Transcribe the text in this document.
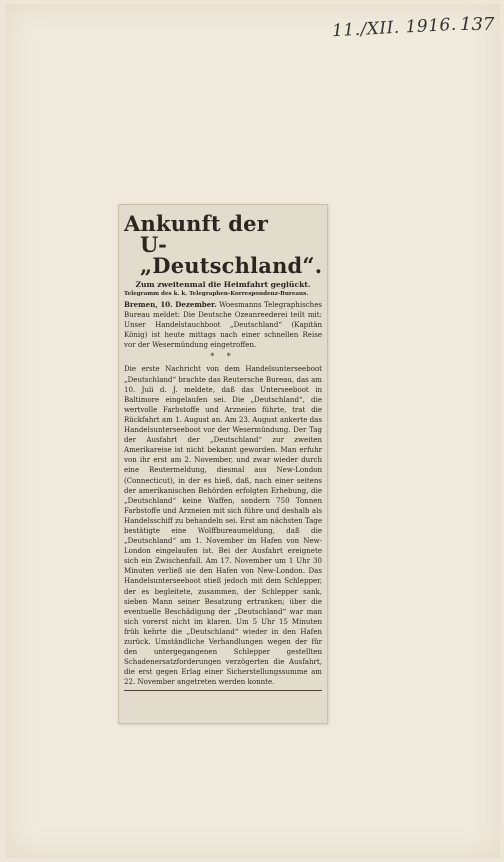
11./XII. 1916. 137
Ankunft der
U-„Deutschland“.
Zum zweitenmal die Heimfahrt geglückt.
Telegramm des k. k. Telegraphen-Korrespondenz-Bureaus.

Bremen, 10. Dezember. Woesmanns Telegraphisches Bureau meldet: Die Deutsche Ozeanreederei teilt mit: Unser Handelstauchboot „Deutschland“ (Kapitän König) ist heute mittags nach einer schnellen Reise vor der Wesermündung eingetroffen.

* *

Die erste Nachricht von dem Handelsunterseeboot „Deutschland“ brachte das Reutersche Bureau, das am 10. Juli d. J. meldete, daß das Unterseeboot in Baltimore eingelaufen sei. Die „Deutschland“, die wertvolle Farbstoffe und Arzneien führte, trat die Rückfahrt am 1. August an. Am 23. August ankerte das Handelsunterseeboot vor der Wesermündung. Der Tag der Ausfahrt der „Deutschland“ zur zweiten Amerikareise ist nicht bekannt geworden. Man erfuhr von ihr erst am 2. November, und zwar wieder durch eine Reutermeldung, diesmal aus New-London (Connecticut), in der es hieß, daß, nach einer seitens der amerikanischen Behörden erfolgten Erhebung, die „Deutschland“ keine Waffen, sondern 750 Tonnen Farbstoffe und Arzneien mit sich führe und deshalb als Handelsschiff zu behandeln sei. Erst am nächsten Tage bestätigte eine Wolffbureaumeldung, daß die „Deutschland“ am 1. November im Hafen von New-London eingelaufen ist. Bei der Ausfahrt ereignete sich ein Zwischenfall. Am 17. November um 1 Uhr 30 Minuten verließ sie den Hafen von New-London. Das Handelsunterseeboot stieß jedoch mit dem Schlepper, der es begleitete, zusammen, der Schlepper sank, sieben Mann seiner Besatzung ertranken; über die eventuelle Beschädigung der „Deutschland“ war man sich vorerst nicht im klaren. Um 5 Uhr 15 Minuten früh kehrte die „Deutschland“ wieder in den Hafen zurück. Umständliche Verhandlungen wegen der für den untergegangenen Schlepper gestellten Schadenersatzforderungen verzögerten die Ausfahrt, die erst gegen Erlag einer Sicherstellungssumme am 22. November angetreten werden konnte.
